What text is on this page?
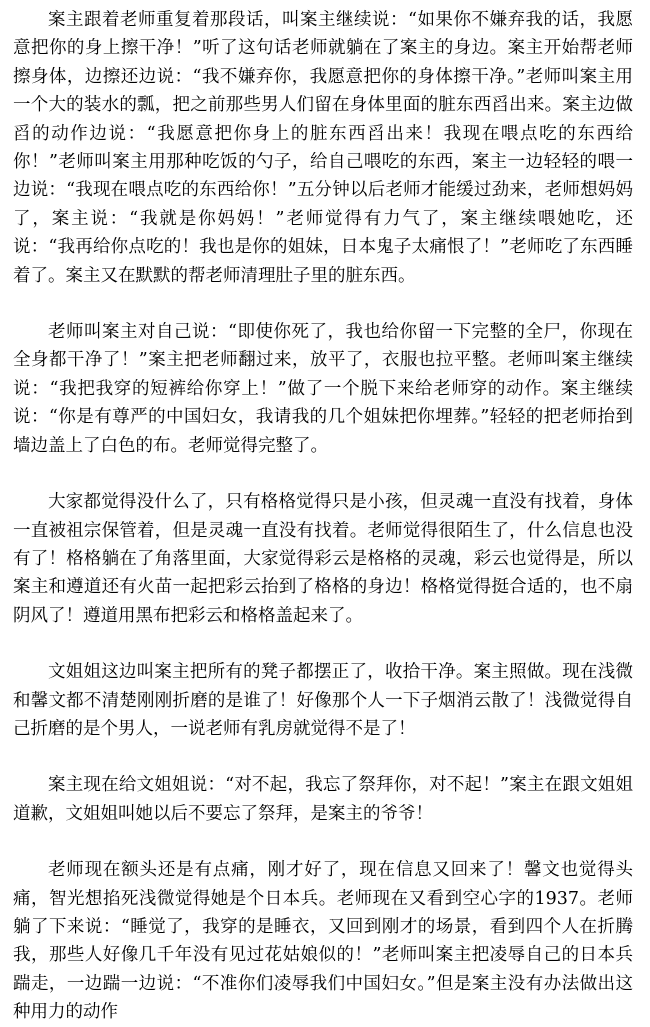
案主跟着老师重复着那段话，叫案主继续说：“如果你不嫌弃我的话，我愿意把你的身上擦干净！”听了这句话老师就躺在了案主的身边。案主开始帮老师擦身体，边擦还边说：“我不嫌弃你，我愿意把你的身体擦干净。”老师叫案主用一个大的装水的瓢，把之前那些男人们留在身体里面的脏东西舀出来。案主边做舀的动作边说：“我愿意把你身上的脏东西舀出来！我现在喂点吃的东西给你！”老师叫案主用那种吃饭的勺子，给自己喂吃的东西，案主一边轻轻的喂一边说：“我现在喂点吃的东西给你！”五分钟以后老师才能缓过劲来，老师想妈妈了，案主说：“我就是你妈妈！”老师觉得有力气了，案主继续喂她吃，还说：“我再给你点吃的！我也是你的姐妹，日本鬼子太痛恨了！”老师吃了东西睡着了。案主又在默默的帮老师清理肚子里的脏东西。

老师叫案主对自己说：“即使你死了，我也给你留一下完整的全尸，你现在全身都干净了！”案主把老师翻过来，放平了，衣服也拉平整。老师叫案主继续说：“我把我穿的短裤给你穿上！”做了一个脱下来给老师穿的动作。案主继续说：“你是有尊严的中国妇女，我请我的几个姐妹把你埋葬。”轻轻的把老师抬到墙边盖上了白色的布。老师觉得完整了。

大家都觉得没什么了，只有格格觉得只是小孩，但灵魂一直没有找着，身体一直被祖宗保管着，但是灵魂一直没有找着。老师觉得很陌生了，什么信息也没有了！格格躺在了角落里面，大家觉得彩云是格格的灵魂，彩云也觉得是，所以案主和遵道还有火苗一起把彩云抬到了格格的身边！格格觉得挺合适的，也不扇阴风了！遵道用黑布把彩云和格格盖起来了。

文姐姐这边叫案主把所有的凳子都摆正了，收拾干净。案主照做。现在浅微和馨文都不清楚刚刚折磨的是谁了！好像那个人一下子烟消云散了！浅微觉得自己折磨的是个男人，一说老师有乳房就觉得不是了！

案主现在给文姐姐说：“对不起，我忘了祭拜你，对不起！”案主在跟文姐姐道歉，文姐姐叫她以后不要忘了祭拜，是案主的爷爷！

老师现在额头还是有点痛，刚才好了，现在信息又回来了！馨文也觉得头痛，智光想掐死浅微觉得她是个日本兵。老师现在又看到空心字的1937。老师躺了下来说：“睡觉了，我穿的是睡衣，又回到刚才的场景，看到四个人在折腾我，那些人好像几千年没有见过花姑娘似的！”老师叫案主把凌辱自己的日本兵踹走，一边踹一边说：“不准你们凌辱我们中国妇女。”但是案主没有办法做出这种用力的动作
